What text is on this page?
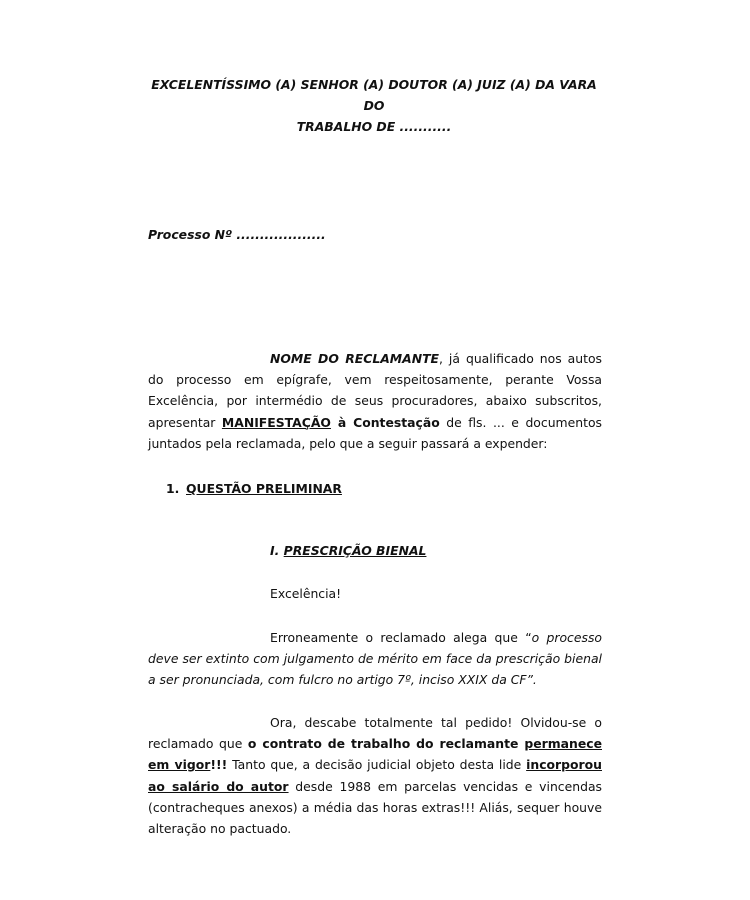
EXCELENTÍSSIMO (A) SENHOR (A) DOUTOR (A) JUIZ (A) DA VARA DO
TRABALHO DE ...........
Processo Nº ...................
NOME DO RECLAMANTE, já qualificado nos autos do processo em epígrafe, vem respeitosamente, perante Vossa Excelência, por intermédio de seus procuradores, abaixo subscritos, apresentar MANIFESTAÇÃO à Contestação de fls. ... e documentos juntados pela reclamada, pelo que a seguir passará a expender:
1. QUESTÃO PRELIMINAR
I. PRESCRIÇÃO BIENAL
Excelência!
Erroneamente o reclamado alega que “o processo deve ser extinto com julgamento de mérito em face da prescrição bienal a ser pronunciada, com fulcro no artigo 7º, inciso XXIX da CF”.
Ora, descabe totalmente tal pedido! Olvidou-se o reclamado que o contrato de trabalho do reclamante permanece em vigor!!! Tanto que, a decisão judicial objeto desta lide incorporou ao salário do autor desde 1988 em parcelas vencidas e vincendas (contracheques anexos) a média das horas extras!!! Aliás, sequer houve alteração no pactuado.
